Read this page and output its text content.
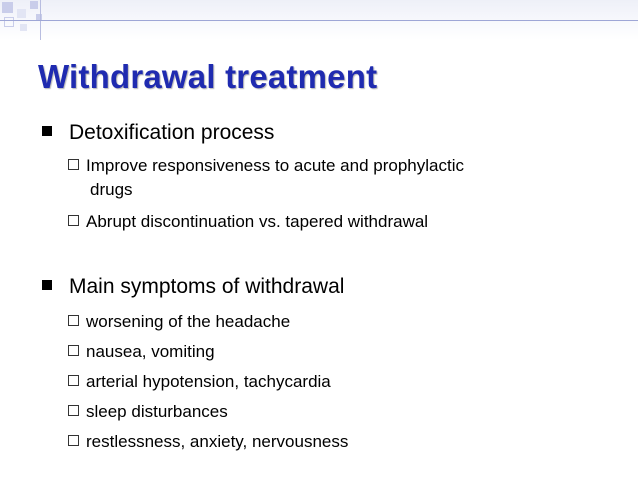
Withdrawal treatment
Detoxification process
Improve responsiveness to acute and prophylactic
drugs
Abrupt discontinuation vs. tapered withdrawal
Main symptoms of withdrawal
worsening of the headache
nausea, vomiting
arterial hypotension, tachycardia
sleep disturbances
restlessness, anxiety, nervousness
